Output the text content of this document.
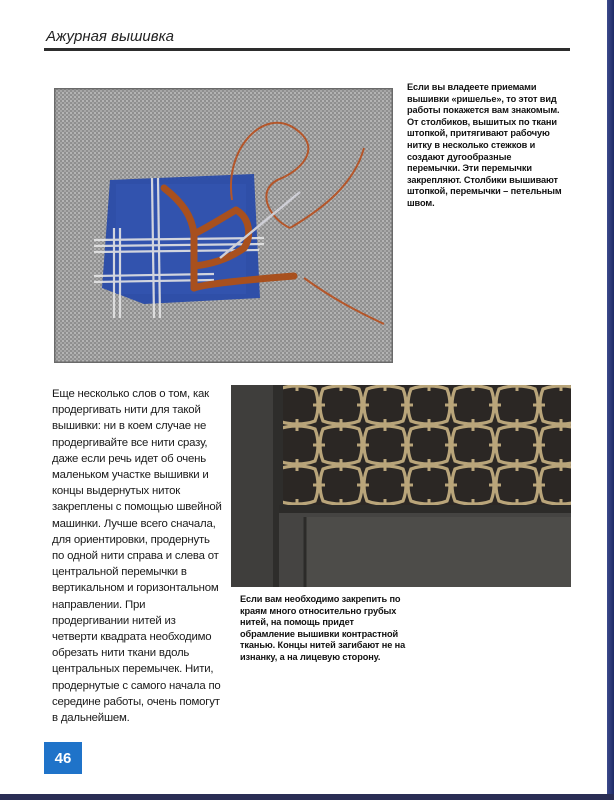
Ажурная вышивка
Если вы владеете приемами вышивки «ришелье», то этот вид работы покажется вам знакомым. От столбиков, вышитых по ткани штопкой, притягивают рабочую нитку в несколько стежков и создают дугообразные перемычки. Эти перемычки закрепляют. Столбики вышивают штопкой, перемычки – петельным швом.
Если вам необходимо закрепить по краям много относительно грубых нитей, на помощь придет обрамление вышивки контрастной тканью. Концы нитей загибают не на изнанку, а на лицевую сторону.
Еще несколько слов о том, как продергивать нити для такой вышивки: ни в коем случае не продергивайте все нити сразу, даже если речь идет об очень маленьком участке вышивки и концы выдернутых ниток закреплены с помощью швейной машинки. Лучше всего сначала, для ориентировки, продернуть по одной нити справа и слева от центральной перемычки в вертикальном и горизонтальном направлении. При продергивании нитей из четверти квадрата необходимо обрезать нити ткани вдоль центральных перемычек. Нити, продернутые с самого начала по середине работы, очень помогут в дальнейшем.
46
